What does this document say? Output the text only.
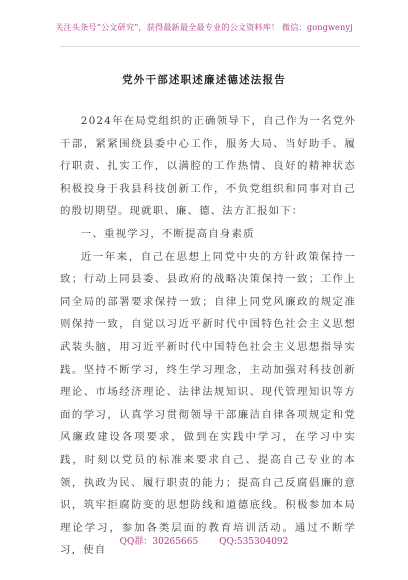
关注头条号“公文研究”，获得最新最全最专业的公文资料库！ 微信：gongwenyj
党外干部述职述廉述德述法报告

2024年在局党组织的正确领导下，自己作为一名党外干部，紧紧围绕县委中心工作，服务大局、当好助手、履行职责、扎实工作，以满腔的工作热情、良好的精神状态积极投身于我县科技创新工作，不负党组织和同事对自己的殷切期望。现就职、廉、德、法方汇报如下：

一、重视学习，不断提高自身素质

近一年来，自己在思想上同党中央的方针政策保持一致；行动上同县委、县政府的战略决策保持一致；工作上同全局的部署要求保持一致；自律上同党风廉政的规定准则保持一致，自觉以习近平新时代中国特色社会主义思想武装头脑，用习近平新时代中国特色社会主义思想指导实践。坚持不断学习，终生学习理念，主动加强对科技创新理论、市场经济理论、法律法规知识、现代管理知识等方面的学习，认真学习贯彻领导干部廉洁自律各项规定和党风廉政建设各项要求，做到在实践中学习，在学习中实践，时刻以党员的标准来要求自己、提高自己专业的本领，执政为民、履行职责的能力；提高自己反腐倡廉的意识，筑牢拒腐防变的思想防线和道德底线。积极参加本局理论学习，参加各类层面的教育培训活动。通过不断学习，使自

QQ群：30265665 QQ:535304092
